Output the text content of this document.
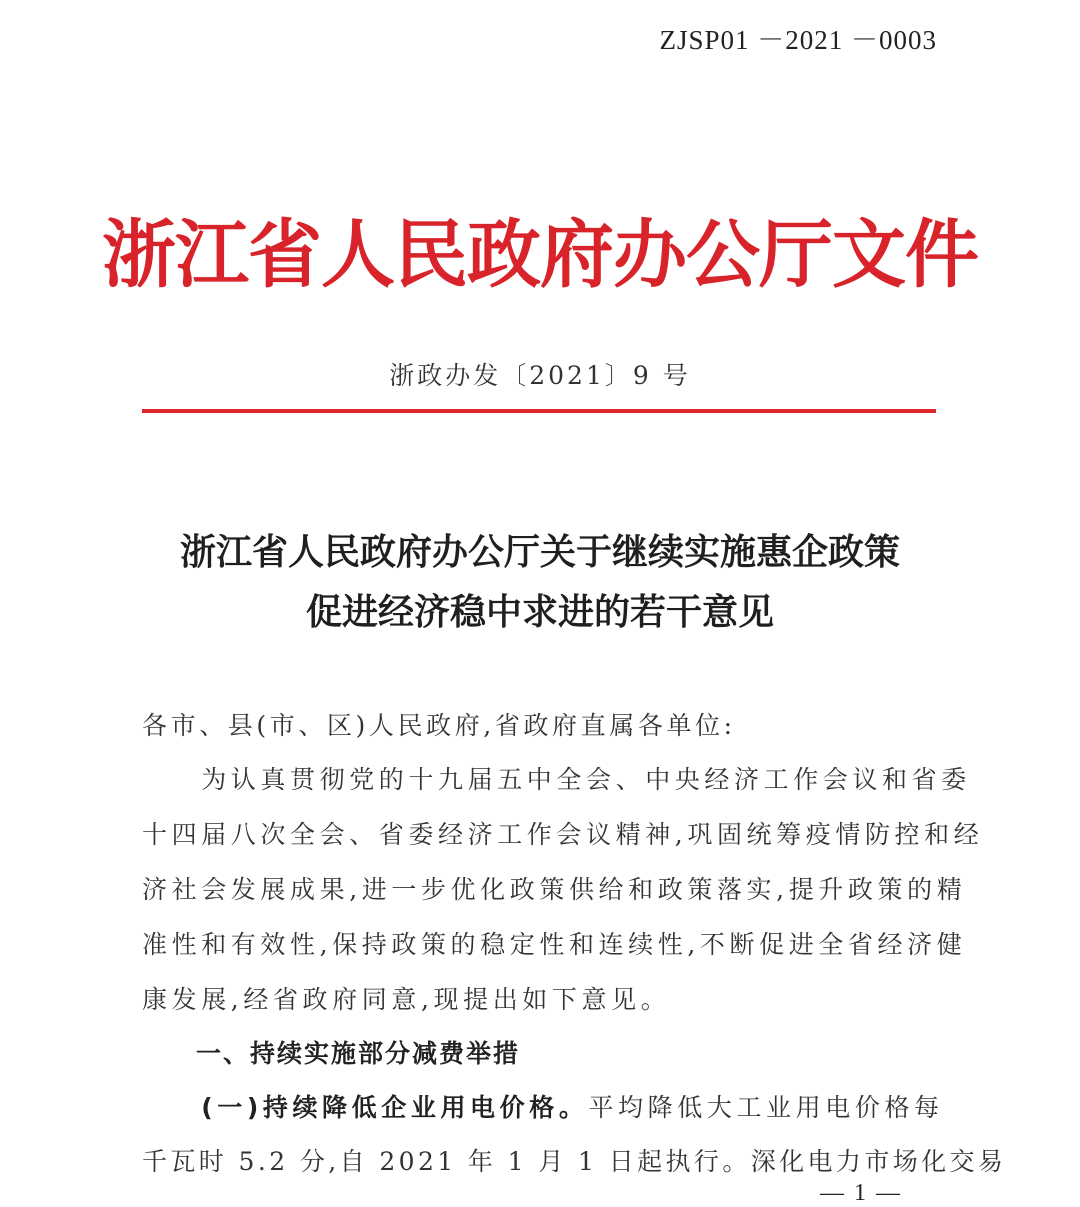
ZJSP01 －2021 －0003
浙江省人民政府办公厅文件
浙政办发〔2021〕9 号
浙江省人民政府办公厅关于继续实施惠企政策
促进经济稳中求进的若干意见
各市、县(市、区)人民政府,省政府直属各单位:
　　为认真贯彻党的十九届五中全会、中央经济工作会议和省委
十四届八次全会、省委经济工作会议精神,巩固统筹疫情防控和经
济社会发展成果,进一步优化政策供给和政策落实,提升政策的精
准性和有效性,保持政策的稳定性和连续性,不断促进全省经济健
康发展,经省政府同意,现提出如下意见。
　　一、持续实施部分减费举措
　　(一)持续降低企业用电价格。平均降低大工业用电价格每
千瓦时 5.2 分,自 2021 年 1 月 1 日起执行。深化电力市场化交易
— 1 —
